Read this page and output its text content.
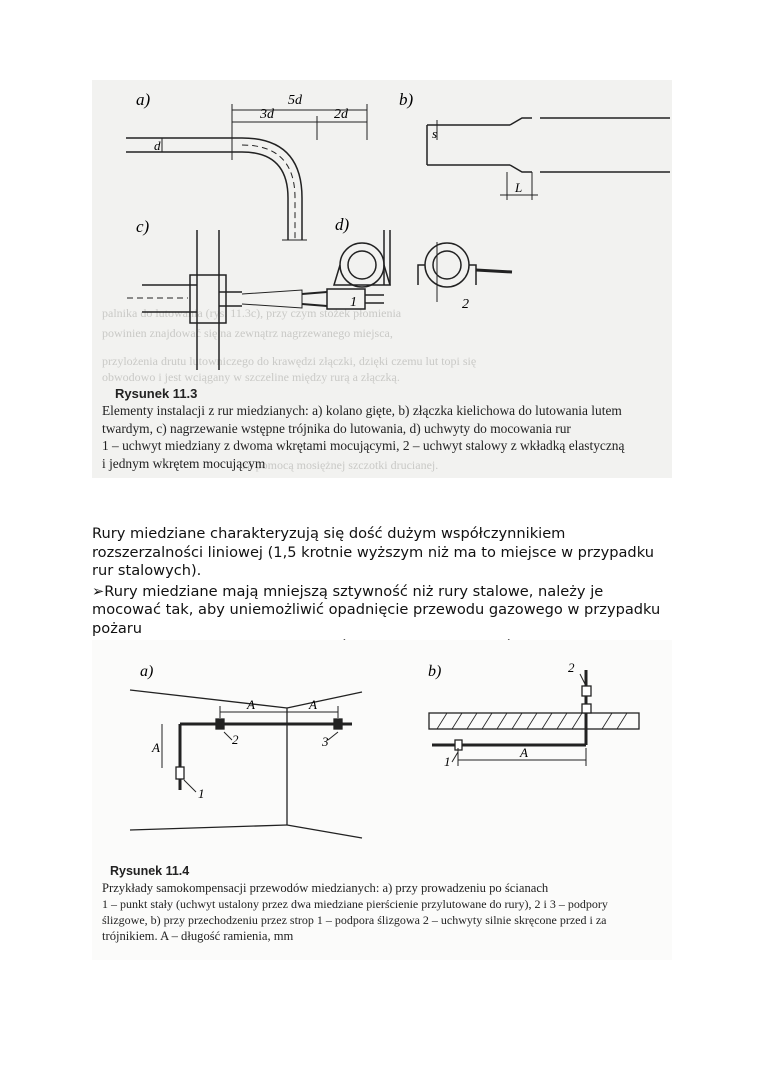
za pomocą mosiężnej szczotki drucianej.
powinien znajdować się na zewnątrz nagrzewanego miejsca,
palnika do lutowania (rys. 11.3c), przy czym stożek płomienia
przylożenia drutu lutowniczego do krawędzi złączki, dzięki czemu lut topi się
obwodowo i jest wciągany w szczeline między rurą a złączką.
a)	b)
c)	d)
5d
3d	2d
d
s
L
1	2
Rysunek 11.3
Elementy instalacji z rur miedzianych: a) kolano gięte, b) złączka kielichowa do lutowania lutem
twardym, c) nagrzewanie wstępne trójnika do lutowania, d) uchwyty do mocowania rur
1 – uchwyt miedziany z dwoma wkrętami mocującymi, 2 – uchwyt stalowy z wkładką elastyczną
i jednym wkrętem mocującym
Rury miedziane charakteryzują się dość dużym współczynnikiem rozszerzalności liniowej (1,5 krotnie wyższym niż ma to miejsce w przypadku rur stalowych).
➢Rury miedziane mają mniejszą sztywność niż rury stalowe, należy je mocować tak, aby uniemożliwić opadnięcie przewodu gazowego w przypadku pożaru
a)	b)
A	A
A	A
1
2	3
1
2
Rysunek 11.4
Przykłady samokompensacji przewodów miedzianych: a) przy prowadzeniu po ścianach
1 – punkt stały (uchwyt ustalony przez dwa miedziane pierścienie przylutowane do rury), 2 i 3 – podpory
ślizgowe, b) przy przechodzeniu przez strop 1 – podpora ślizgowa 2 – uchwyty silnie skręcone przed i za
trójnikiem. A – długość ramienia, mm
